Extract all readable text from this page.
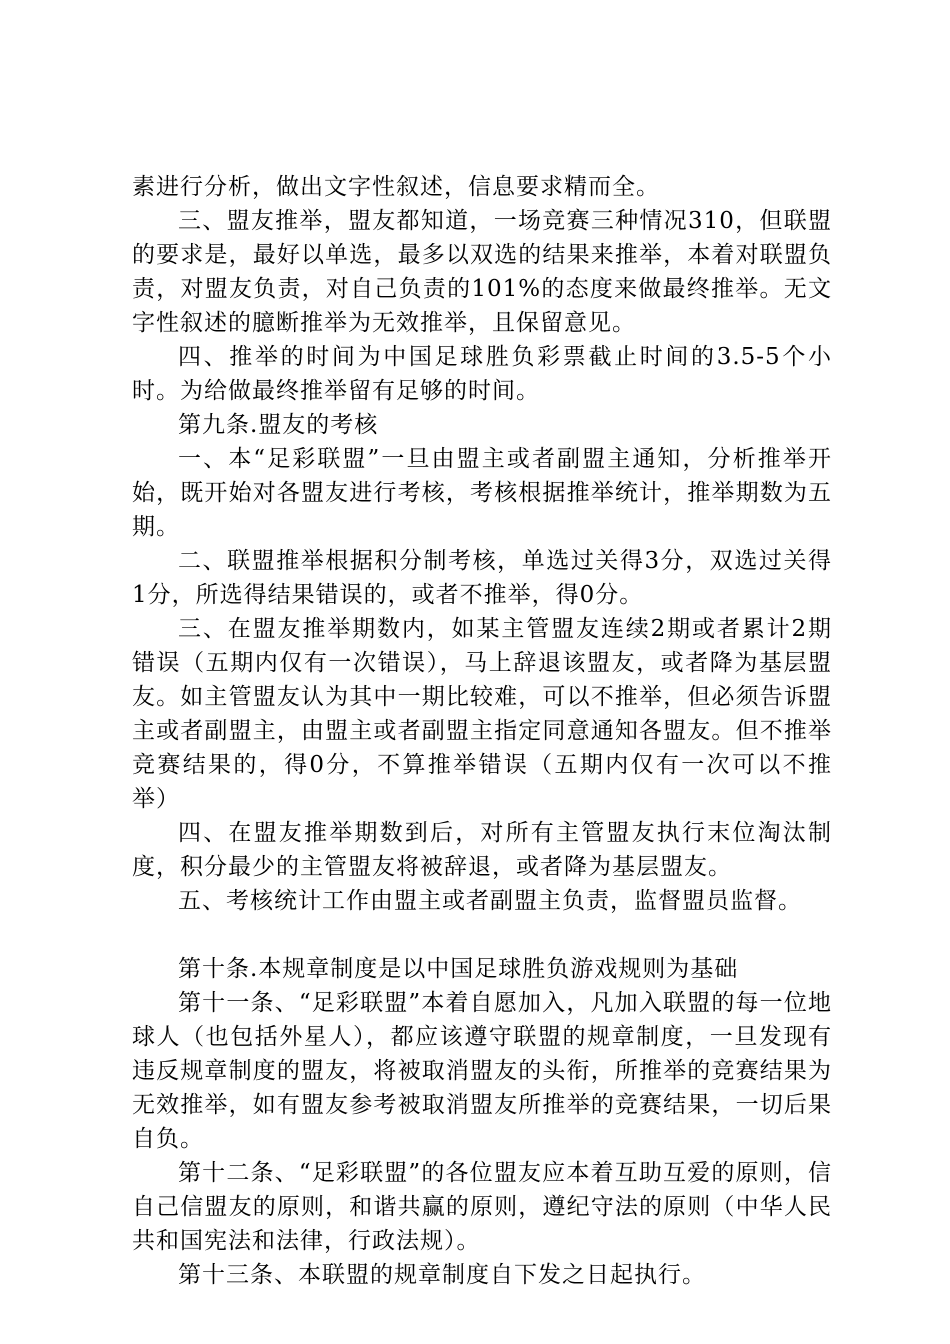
素进行分析，做出文字性叙述，信息要求精而全。

三、盟友推举，盟友都知道，一场竞赛三种情况310，但联盟的要求是，最好以单选，最多以双选的结果来推举，本着对联盟负责，对盟友负责，对自己负责的101%的态度来做最终推举。无文字性叙述的臆断推举为无效推举，且保留意见。

四、推举的时间为中国足球胜负彩票截止时间的3.5-5个小时。为给做最终推举留有足够的时间。

第九条.盟友的考核

一、本“足彩联盟”一旦由盟主或者副盟主通知，分析推举开始，既开始对各盟友进行考核，考核根据推举统计，推举期数为五期。

二、联盟推举根据积分制考核，单选过关得3分，双选过关得1分，所选得结果错误的，或者不推举，得0分。

三、在盟友推举期数内，如某主管盟友连续2期或者累计2期错误（五期内仅有一次错误），马上辞退该盟友，或者降为基层盟友。如主管盟友认为其中一期比较难，可以不推举，但必须告诉盟主或者副盟主，由盟主或者副盟主指定同意通知各盟友。但不推举竞赛结果的，得0分，不算推举错误（五期内仅有一次可以不推举）

四、在盟友推举期数到后，对所有主管盟友执行末位淘汰制度，积分最少的主管盟友将被辞退，或者降为基层盟友。

五、考核统计工作由盟主或者副盟主负责，监督盟员监督。

第十条.本规章制度是以中国足球胜负游戏规则为基础

第十一条、“足彩联盟”本着自愿加入，凡加入联盟的每一位地球人（也包括外星人），都应该遵守联盟的规章制度，一旦发现有违反规章制度的盟友，将被取消盟友的头衔，所推举的竞赛结果为无效推举，如有盟友参考被取消盟友所推举的竞赛结果，一切后果自负。

第十二条、“足彩联盟”的各位盟友应本着互助互爱的原则，信自己信盟友的原则，和谐共赢的原则，遵纪守法的原则（中华人民共和国宪法和法律，行政法规）。

第十三条、本联盟的规章制度自下发之日起执行。
